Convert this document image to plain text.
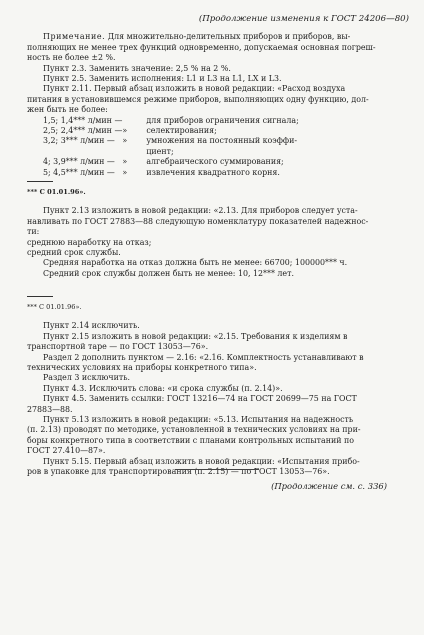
(Продолжение изменения к ГОСТ 24206—80)
Примечание. Для множительно-делительных приборов и приборов, вы-
полняющих не менее трех функций одновременно, допускаемая основная погреш-
ность не более ±2 %.
Пункт 2.3. Заменить значение: 2,5 % на 2 %.
Пункт 2.5. Заменить исполнения: L1 и L3 на L1, LX и L3.
Пункт 2.11. Первый абзац изложить в новой редакции: «Расход воздуха
питания в установившемся режиме приборов, выполняющих одну функцию, дол-
жен быть не более:
1,5; 1,4*** л/мин —		для приборов ограничения сигнала;
2,5; 2,4*** л/мин —	»	селектирования;
3,2; 3*** л/мин —	»	умножения на постоянный коэффи-
		циент;
4; 3,9*** л/мин —	»	алгебраического суммирования;
5; 4,5*** л/мин —	»	извлечения квадратного корня.
*** С 01.01.96».
Пункт 2.13 изложить в новой редакции: «2.13. Для приборов следует уста-
навливать по ГОСТ 27883—88 следующую номенклатуру показателей надежнос-
ти:
среднюю наработку на отказ;
средний срок службы.
Средняя наработка на отказ должна быть не менее: 66700; 100000*** ч.
Средний срок службы должен быть не менее: 10, 12*** лет.
*** С 01.01.96».
Пункт 2.14 исключить.
Пункт 2.15 изложить в новой редакции: «2.15. Требования к изделиям в
транспортной таре — по ГОСТ 13053—76».
Раздел 2 дополнить пунктом — 2.16: «2.16. Комплектность устанавливают в
технических условиях на приборы конкретного типа».
Раздел 3 исключить.
Пункт 4.3. Исключить слова: «и срока службы (п. 2.14)».
Пункт 4.5. Заменить ссылки: ГОСТ 13216—74 на ГОСТ 20699—75 на ГОСТ
27883—88.
Пункт 5.13 изложить в новой редакции: «5.13. Испытания на надежность
(п. 2.13) проводят по методике, установленной в технических условиях на при-
боры конкретного типа в соответствии с планами контрольных испытаний по
ГОСТ 27.410—87».
Пункт 5.15. Первый абзац изложить в новой редакции: «Испытания прибо-
ров в упаковке для транспортирования (п. 2.15) — по ГОСТ 13053—76».
(Продолжение см. с. 336)
